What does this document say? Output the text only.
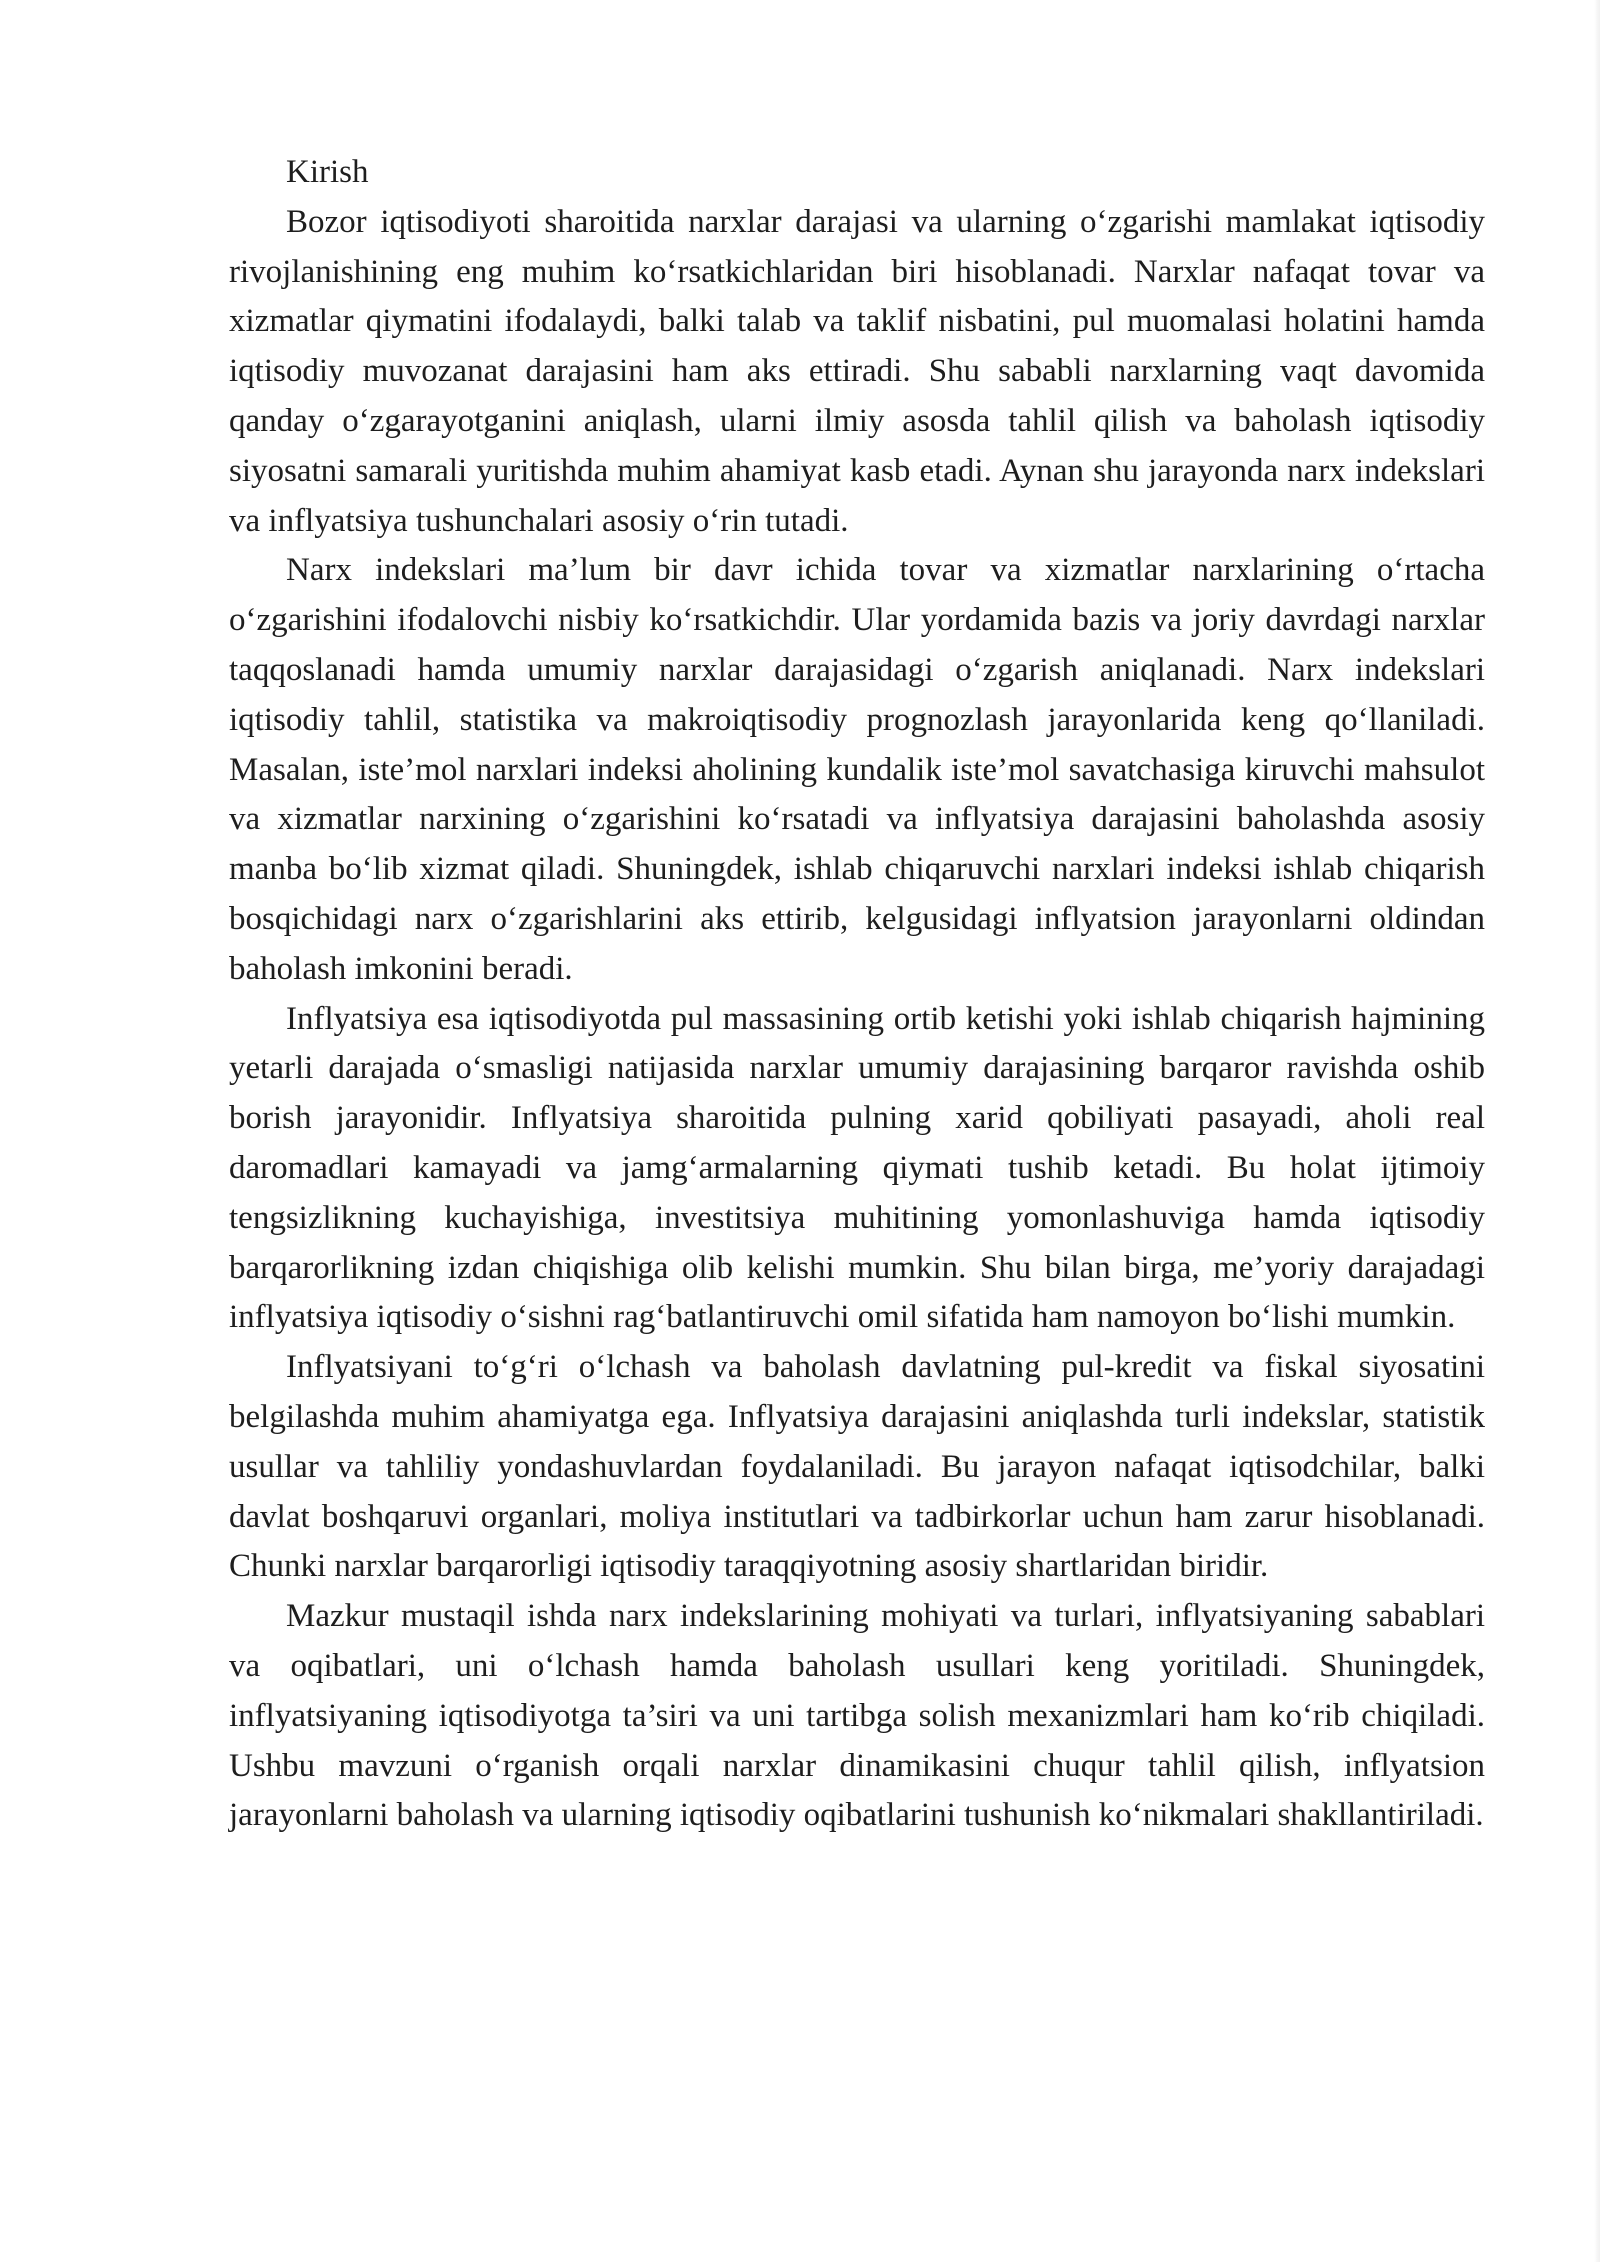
Kirish

Bozor iqtisodiyoti sharoitida narxlar darajasi va ularning o‘zgarishi mamlakat iqtisodiy rivojlanishining eng muhim ko‘rsatkichlaridan biri hisoblanadi. Narxlar nafaqat tovar va xizmatlar qiymatini ifodalaydi, balki talab va taklif nisbatini, pul muomalasi holatini hamda iqtisodiy muvozanat darajasini ham aks ettiradi. Shu sababli narxlarning vaqt davomida qanday o‘zgarayotganini aniqlash, ularni ilmiy asosda tahlil qilish va baholash iqtisodiy siyosatni samarali yuritishda muhim ahamiyat kasb etadi. Aynan shu jarayonda narx indekslari va inflyatsiya tushunchalari asosiy o‘rin tutadi.

Narx indekslari ma’lum bir davr ichida tovar va xizmatlar narxlarining o‘rtacha o‘zgarishini ifodalovchi nisbiy ko‘rsatkichdir. Ular yordamida bazis va joriy davrdagi narxlar taqqoslanadi hamda umumiy narxlar darajasidagi o‘zgarish aniqlanadi. Narx indekslari iqtisodiy tahlil, statistika va makroiqtisodiy prognozlash jarayonlarida keng qo‘llaniladi. Masalan, iste’mol narxlari indeksi aholining kundalik iste’mol savatchasiga kiruvchi mahsulot va xizmatlar narxining o‘zgarishini ko‘rsatadi va inflyatsiya darajasini baholashda asosiy manba bo‘lib xizmat qiladi. Shuningdek, ishlab chiqaruvchi narxlari indeksi ishlab chiqarish bosqichidagi narx o‘zgarishlarini aks ettirib, kelgusidagi inflyatsion jarayonlarni oldindan baholash imkonini beradi.

Inflyatsiya esa iqtisodiyotda pul massasining ortib ketishi yoki ishlab chiqarish hajmining yetarli darajada o‘smasligi natijasida narxlar umumiy darajasining barqaror ravishda oshib borish jarayonidir. Inflyatsiya sharoitida pulning xarid qobiliyati pasayadi, aholi real daromadlari kamayadi va jamg‘armalarning qiymati tushib ketadi. Bu holat ijtimoiy tengsizlikning kuchayishiga, investitsiya muhitining yomonlashuviga hamda iqtisodiy barqarorlikning izdan chiqishiga olib kelishi mumkin. Shu bilan birga, me’yoriy darajadagi inflyatsiya iqtisodiy o‘sishni rag‘batlantiruvchi omil sifatida ham namoyon bo‘lishi mumkin.

Inflyatsiyani to‘g‘ri o‘lchash va baholash davlatning pul-kredit va fiskal siyosatini belgilashda muhim ahamiyatga ega. Inflyatsiya darajasini aniqlashda turli indekslar, statistik usullar va tahliliy yondashuvlardan foydalaniladi. Bu jarayon nafaqat iqtisodchilar, balki davlat boshqaruvi organlari, moliya institutlari va tadbirkorlar uchun ham zarur hisoblanadi. Chunki narxlar barqarorligi iqtisodiy taraqqiyotning asosiy shartlaridan biridir.

Mazkur mustaqil ishda narx indekslarining mohiyati va turlari, inflyatsiyaning sabablari va oqibatlari, uni o‘lchash hamda baholash usullari keng yoritiladi. Shuningdek, inflyatsiyaning iqtisodiyotga ta’siri va uni tartibga solish mexanizmlari ham ko‘rib chiqiladi. Ushbu mavzuni o‘rganish orqali narxlar dinamikasini chuqur tahlil qilish, inflyatsion jarayonlarni baholash va ularning iqtisodiy oqibatlarini tushunish ko‘nikmalari shakllantiriladi.
